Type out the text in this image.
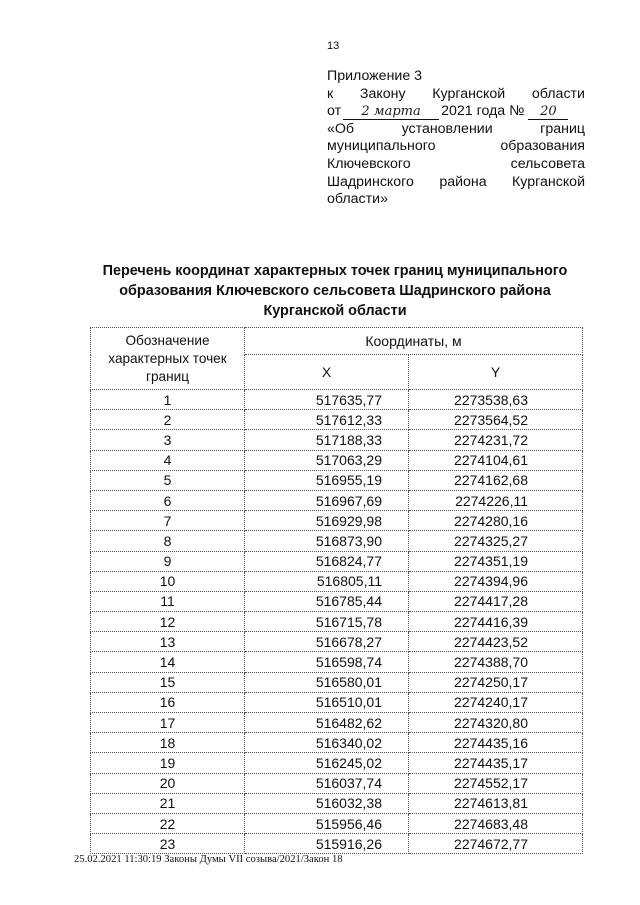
13
Приложение 3
к Закону Курганской области
от	2 марта	2021 года №	20
«Об	установлении	границ
муниципального	образования
Ключевского	сельсовета
Шадринского района Курганской
области»
Перечень координат характерных точек границ муниципального
образования Ключевского сельсовета Шадринского района
Курганской области
Обозначение
характерных точек
границ	Координаты, м	
	X	Y
1	517635,77	2273538,63
2	517612,33	2273564,52
3	517188,33	2274231,72
4	517063,29	2274104,61
5	516955,19	2274162,68
6	516967,69	2274226,11
7	516929,98	2274280,16
8	516873,90	2274325,27
9	516824,77	2274351,19
10	516805,11	2274394,96
11	516785,44	2274417,28
12	516715,78	2274416,39
13	516678,27	2274423,52
14	516598,74	2274388,70
15	516580,01	2274250,17
16	516510,01	2274240,17
17	516482,62	2274320,80
18	516340,02	2274435,16
19	516245,02	2274435,17
20	516037,74	2274552,17
21	516032,38	2274613,81
22	515956,46	2274683,48
23	515916,26	2274672,77
25.02.2021 11:30:19 Законы Думы VII созыва/2021/Закон 18
